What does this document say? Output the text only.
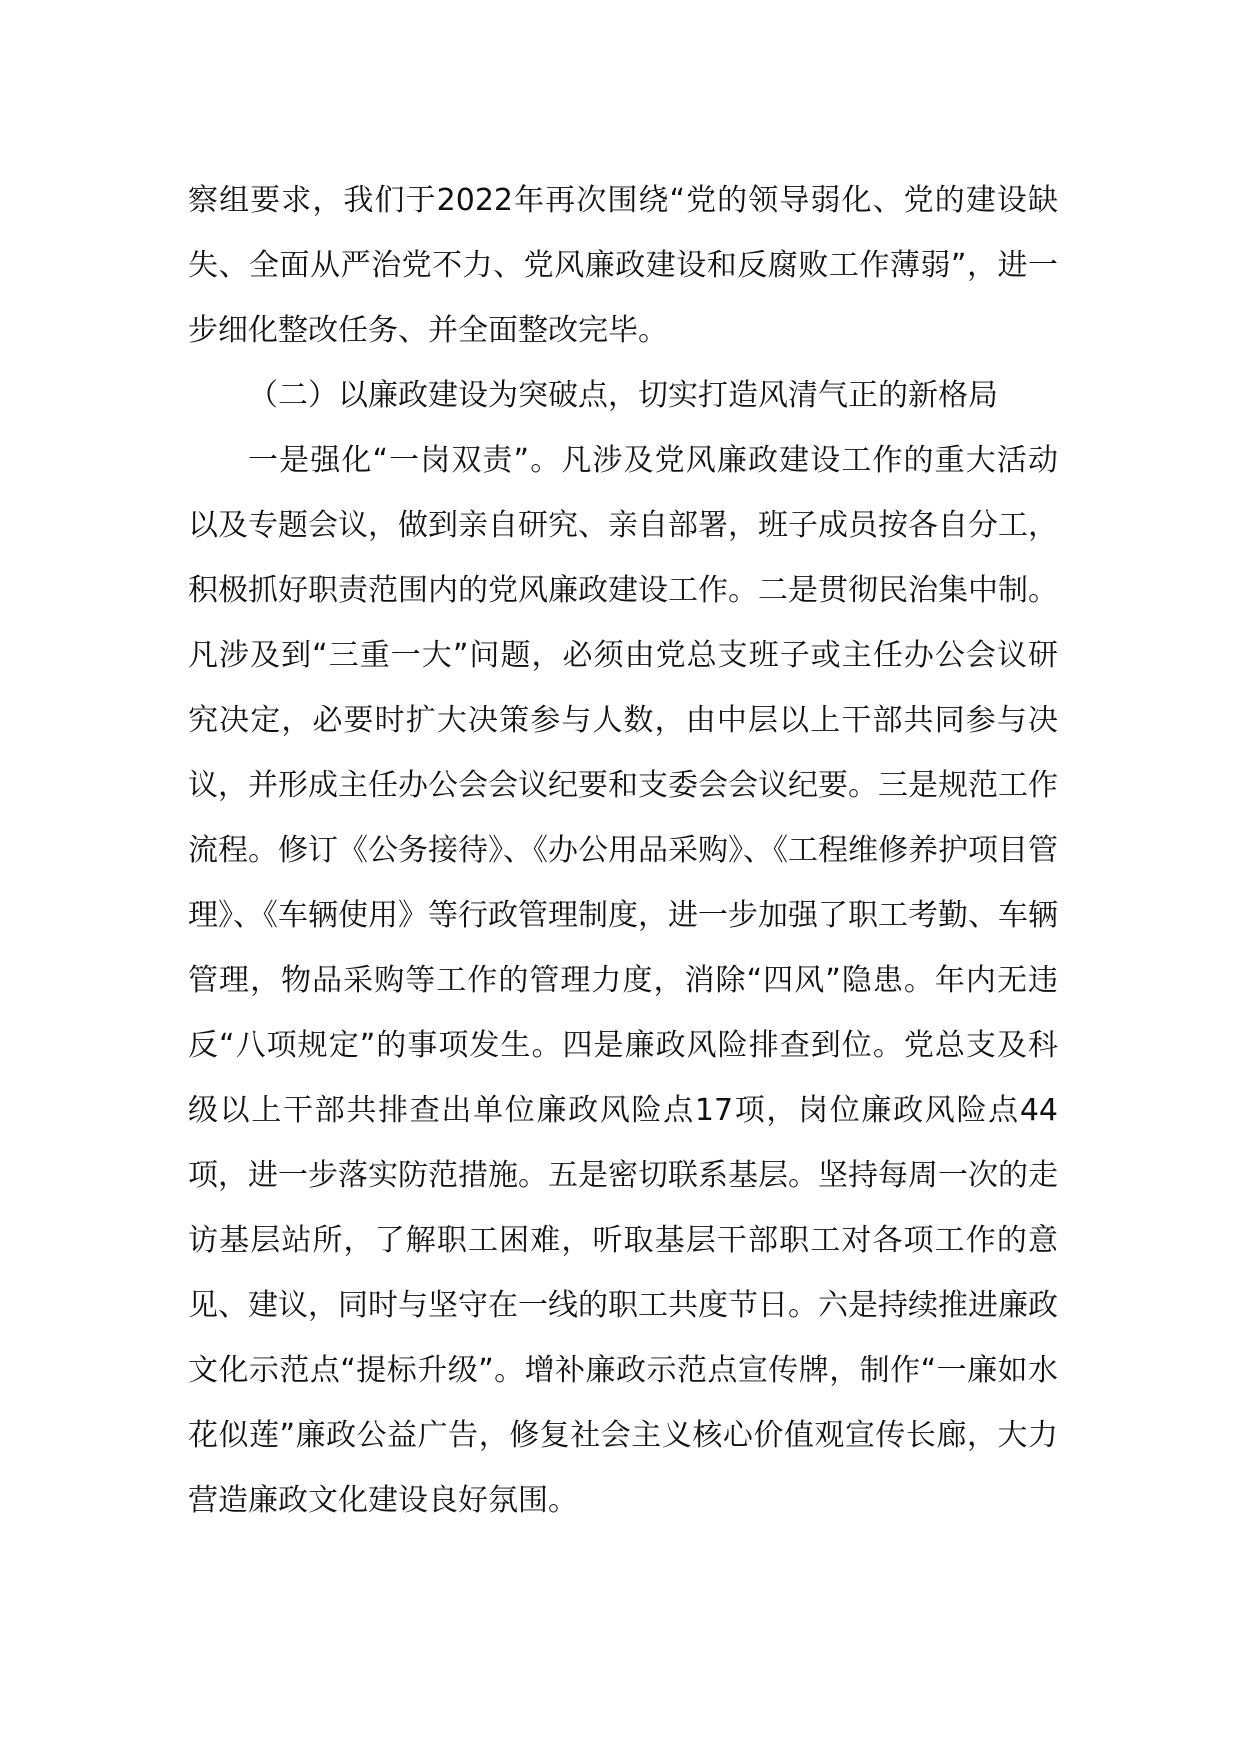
察组要求，我们于2022年再次围绕“党的领导弱化、党的建设缺失、全面从严治党不力、党风廉政建设和反腐败工作薄弱”，进一步细化整改任务、并全面整改完毕。

（二）以廉政建设为突破点，切实打造风清气正的新格局

一是强化“一岗双责”。凡涉及党风廉政建设工作的重大活动以及专题会议，做到亲自研究、亲自部署，班子成员按各自分工，积极抓好职责范围内的党风廉政建设工作。二是贯彻民治集中制。凡涉及到“三重一大”问题，必须由党总支班子或主任办公会议研究决定，必要时扩大决策参与人数，由中层以上干部共同参与决议，并形成主任办公会会议纪要和支委会会议纪要。三是规范工作流程。修订《公务接待》、《办公用品采购》、《工程维修养护项目管理》、《车辆使用》等行政管理制度，进一步加强了职工考勤、车辆管理，物品采购等工作的管理力度，消除“四风”隐患。年内无违反“八项规定”的事项发生。四是廉政风险排查到位。党总支及科级以上干部共排查出单位廉政风险点17项，岗位廉政风险点44项，进一步落实防范措施。五是密切联系基层。坚持每周一次的走访基层站所，了解职工困难，听取基层干部职工对各项工作的意见、建议，同时与坚守在一线的职工共度节日。六是持续推进廉政文化示范点“提标升级”。增补廉政示范点宣传牌，制作“一廉如水花似莲”廉政公益广告，修复社会主义核心价值观宣传长廊，大力营造廉政文化建设良好氛围。
